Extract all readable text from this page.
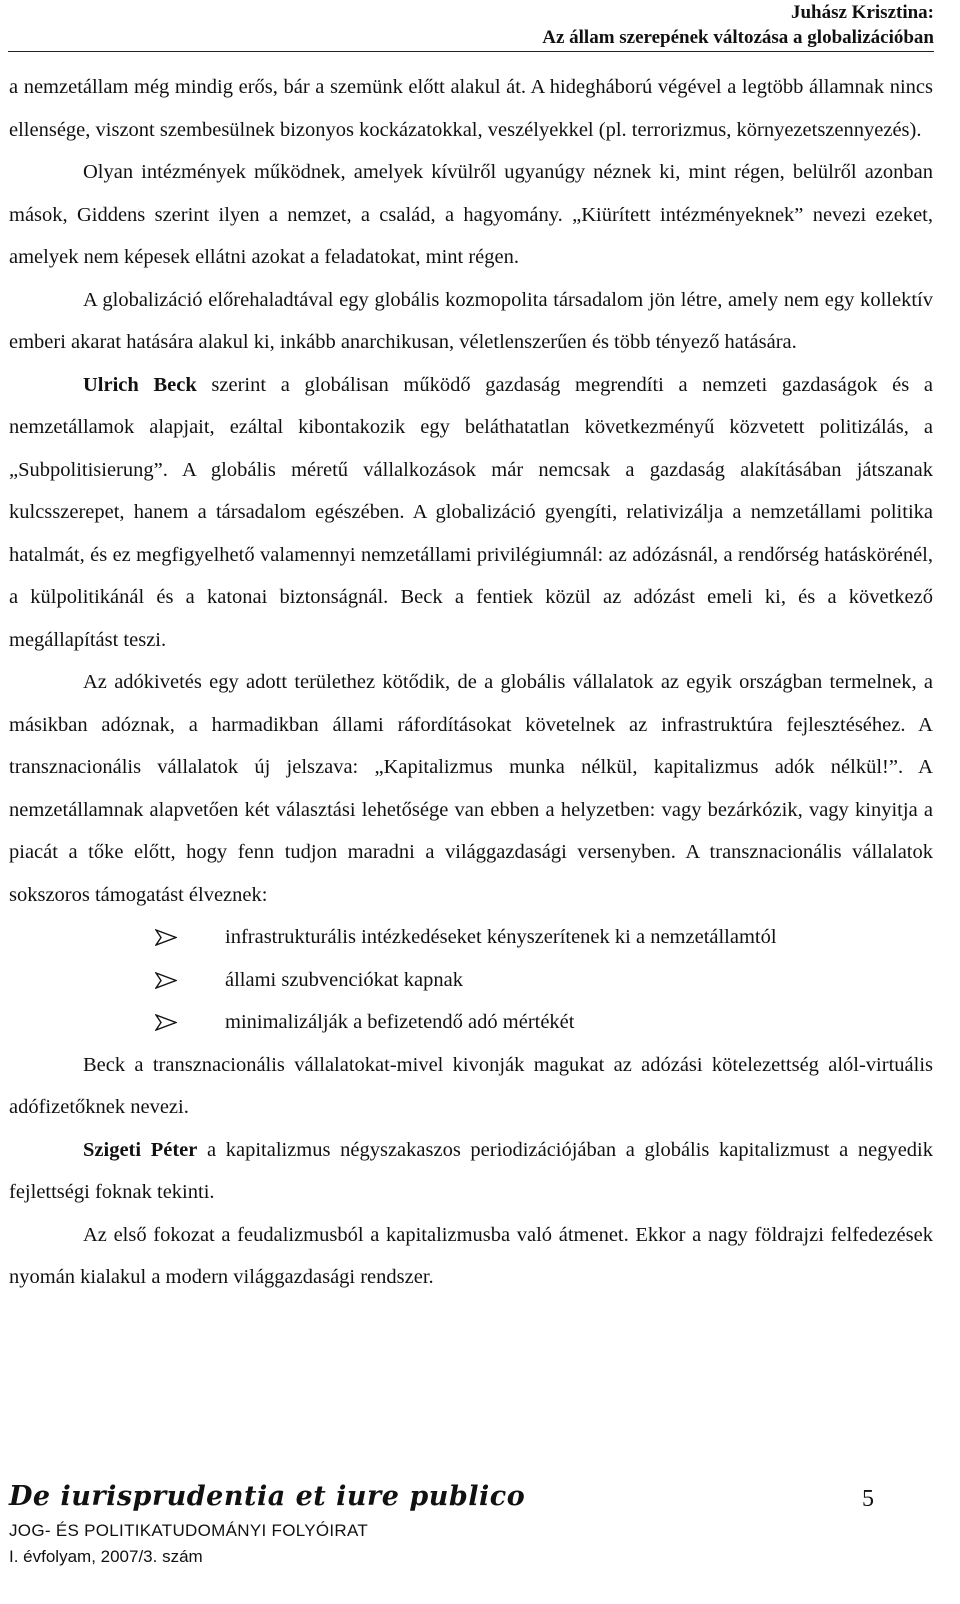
Juhász Krisztina:
Az állam szerepének változása a globalizációban

a nemzetállam még mindig erős, bár a szemünk előtt alakul át. A hidegháború végével a legtöbb államnak nincs ellensége, viszont szembesülnek bizonyos kockázatokkal, veszélyekkel (pl. terrorizmus, környezetszennyezés).

Olyan intézmények működnek, amelyek kívülről ugyanúgy néznek ki, mint régen, belülről azonban mások, Giddens szerint ilyen a nemzet, a család, a hagyomány. „Kiürített intézményeknek” nevezi ezeket, amelyek nem képesek ellátni azokat a feladatokat, mint régen.

A globalizáció előrehaladtával egy globális kozmopolita társadalom jön létre, amely nem egy kollektív emberi akarat hatására alakul ki, inkább anarchikusan, véletlenszerűen és több tényező hatására.

Ulrich Beck szerint a globálisan működő gazdaság megrendíti a nemzeti gazdaságok és a nemzetállamok alapjait, ezáltal kibontakozik egy beláthatatlan következményű közvetett politizálás, a „Subpolitisierung”. A globális méretű vállalkozások már nemcsak a gazdaság alakításában játszanak kulcsszerepet, hanem a társadalom egészében. A globalizáció gyengíti, relativizálja a nemzetállami politika hatalmát, és ez megfigyelhető valamennyi nemzetállami privilégiumnál: az adózásnál, a rendőrség hatáskörénél, a külpolitikánál és a katonai biztonságnál. Beck a fentiek közül az adózást emeli ki, és a következő megállapítást teszi.

Az adókivetés egy adott területhez kötődik, de a globális vállalatok az egyik országban termelnek, a másikban adóznak, a harmadikban állami ráfordításokat követelnek az infrastruktúra fejlesztéséhez. A transznacionális vállalatok új jelszava: „Kapitalizmus munka nélkül, kapitalizmus adók nélkül!”. A nemzetállamnak alapvetően két választási lehetősége van ebben a helyzetben: vagy bezárkózik, vagy kinyitja a piacát a tőke előtt, hogy fenn tudjon maradni a világgazdasági versenyben. A transznacionális vállalatok sokszoros támogatást élveznek:

infrastrukturális intézkedéseket kényszerítenek ki a nemzetállamtól
állami szubvenciókat kapnak
minimalizálják a befizetendő adó mértékét

Beck a transznacionális vállalatokat-mivel kivonják magukat az adózási kötelezettség alól-virtuális adófizetőknek nevezi.

Szigeti Péter a kapitalizmus négyszakaszos periodizációjában a globális kapitalizmust a negyedik fejlettségi foknak tekinti.

Az első fokozat a feudalizmusból a kapitalizmusba való átmenet. Ekkor a nagy földrajzi felfedezések nyomán kialakul a modern világgazdasági rendszer.

De iurisprudentia et iure publico	5
JOG- ÉS POLITIKATUDOMÁNYI FOLYÓIRAT
I. évfolyam, 2007/3. szám
